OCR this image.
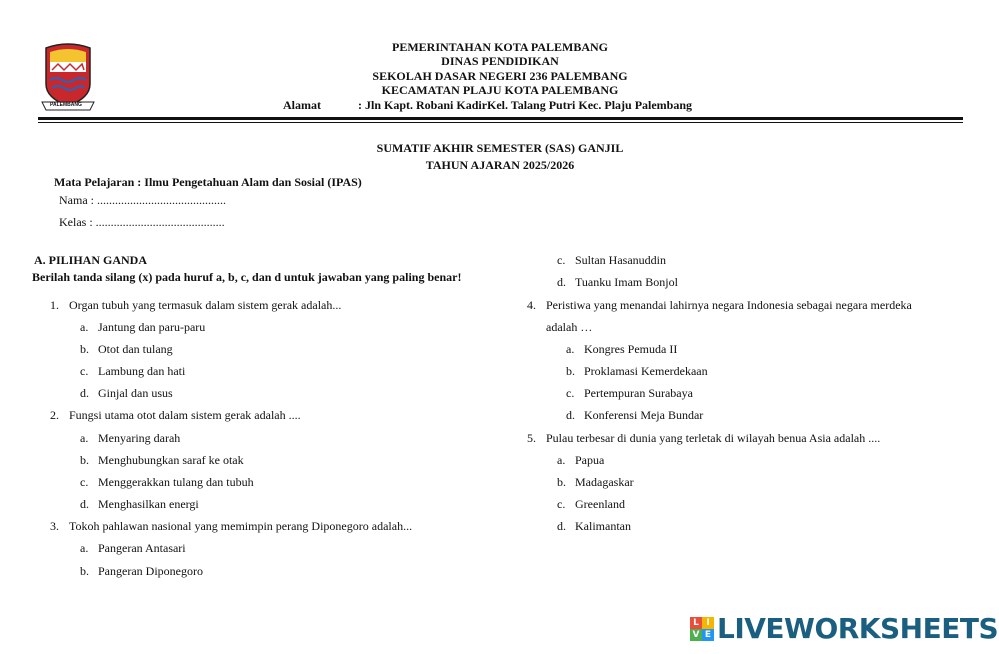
PALEMBANG
PEMERINTAHAN KOTA PALEMBANG
DINAS PENDIDIKAN
SEKOLAH DASAR NEGERI 236 PALEMBANG
KECAMATAN PLAJU KOTA PALEMBANG
Alamat	: Jln Kapt. Robani KadirKel. Talang Putri Kec. Plaju Palembang
SUMATIF AKHIR SEMESTER (SAS) GANJIL
TAHUN AJARAN 2025/2026
Mata Pelajaran : Ilmu Pengetahuan Alam dan Sosial (IPAS)
Nama : ...........................................
Kelas : ...........................................
A. PILIHAN GANDA
Berilah tanda silang (x) pada huruf a, b, c, dan d untuk jawaban yang paling benar!
1. Organ tubuh yang termasuk dalam sistem gerak adalah...
a. Jantung dan paru-paru
b. Otot dan tulang
c. Lambung dan hati
d. Ginjal dan usus
2. Fungsi utama otot dalam sistem gerak adalah ....
a. Menyaring darah
b. Menghubungkan saraf ke otak
c. Menggerakkan tulang dan tubuh
d. Menghasilkan energi
3. Tokoh pahlawan nasional yang memimpin perang Diponegoro adalah...
a. Pangeran Antasari
b. Pangeran Diponegoro
c. Sultan Hasanuddin
d. Tuanku Imam Bonjol
4. Peristiwa yang menandai lahirnya negara Indonesia sebagai negara merdeka
adalah …
a. Kongres Pemuda II
b. Proklamasi Kemerdekaan
c. Pertempuran Surabaya
d. Konferensi Meja Bundar
5. Pulau terbesar di dunia yang terletak di wilayah benua Asia adalah ....
a. Papua
b. Madagaskar
c. Greenland
d. Kalimantan
L I
V E LIVEWORKSHEETS
